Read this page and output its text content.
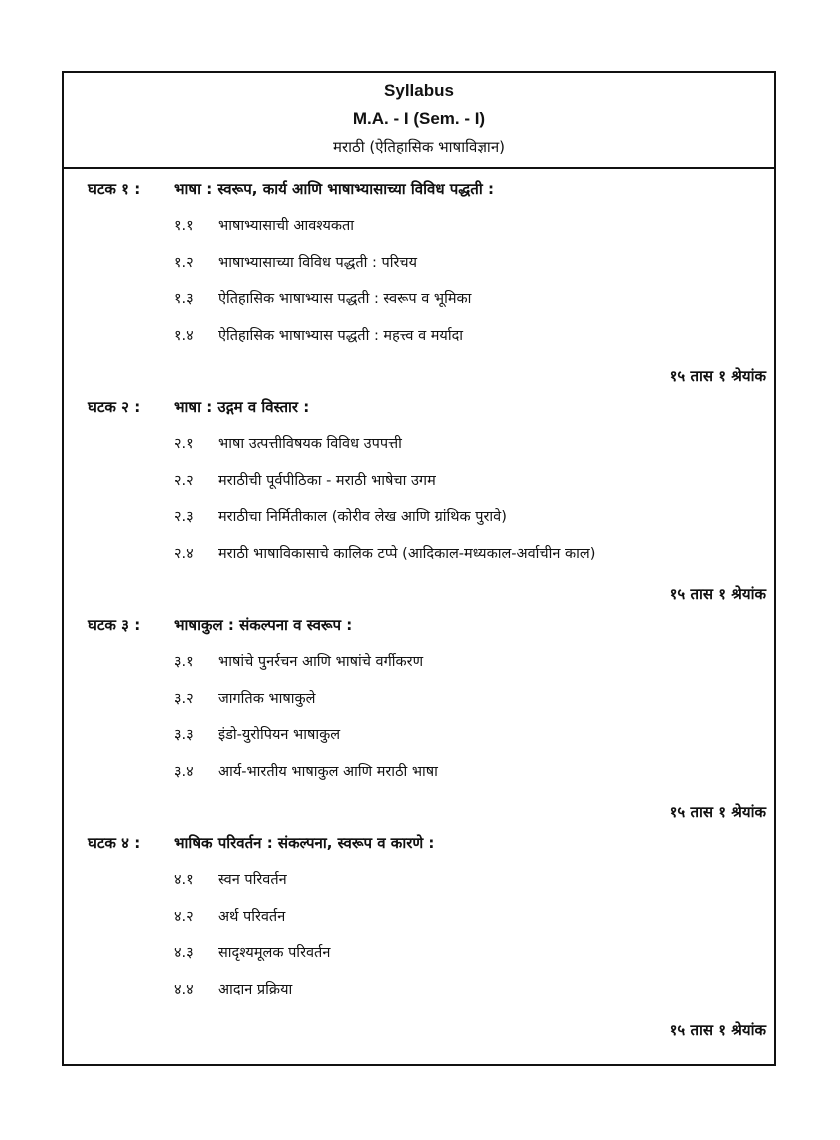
Syllabus
M.A. - I (Sem. - I)
मराठी (ऐतिहासिक भाषाविज्ञान)
घटक १ :	भाषा : स्वरूप, कार्य आणि भाषाभ्यासाच्या विविध पद्धती :
१.१	भाषाभ्यासाची आवश्यकता
१.२	भाषाभ्यासाच्या विविध पद्धती : परिचय
१.३	ऐतिहासिक भाषाभ्यास पद्धती : स्वरूप व भूमिका
१.४	ऐतिहासिक भाषाभ्यास पद्धती : महत्त्व व मर्यादा
१५ तास १ श्रेयांक
घटक २ :	भाषा : उद्गम व विस्तार :
२.१	भाषा उत्पत्तीविषयक विविध उपपत्ती
२.२	मराठीची पूर्वपीठिका - मराठी भाषेचा उगम
२.३	मराठीचा निर्मितीकाल (कोरीव लेख आणि ग्रांथिक पुरावे)
२.४	मराठी भाषाविकासाचे कालिक टप्पे (आदिकाल-मध्यकाल-अर्वाचीन काल)
१५ तास १ श्रेयांक
घटक ३ :	भाषाकुल : संकल्पना व स्वरूप :
३.१	भाषांचे पुनर्रचन आणि भाषांचे वर्गीकरण
३.२	जागतिक भाषाकुले
३.३	इंडो-युरोपियन भाषाकुल
३.४	आर्य-भारतीय भाषाकुल आणि मराठी भाषा
१५ तास १ श्रेयांक
घटक ४ :	भाषिक परिवर्तन : संकल्पना, स्वरूप व कारणे :
४.१	स्वन परिवर्तन
४.२	अर्थ परिवर्तन
४.३	सादृश्यमूलक परिवर्तन
४.४	आदान प्रक्रिया
१५ तास १ श्रेयांक
